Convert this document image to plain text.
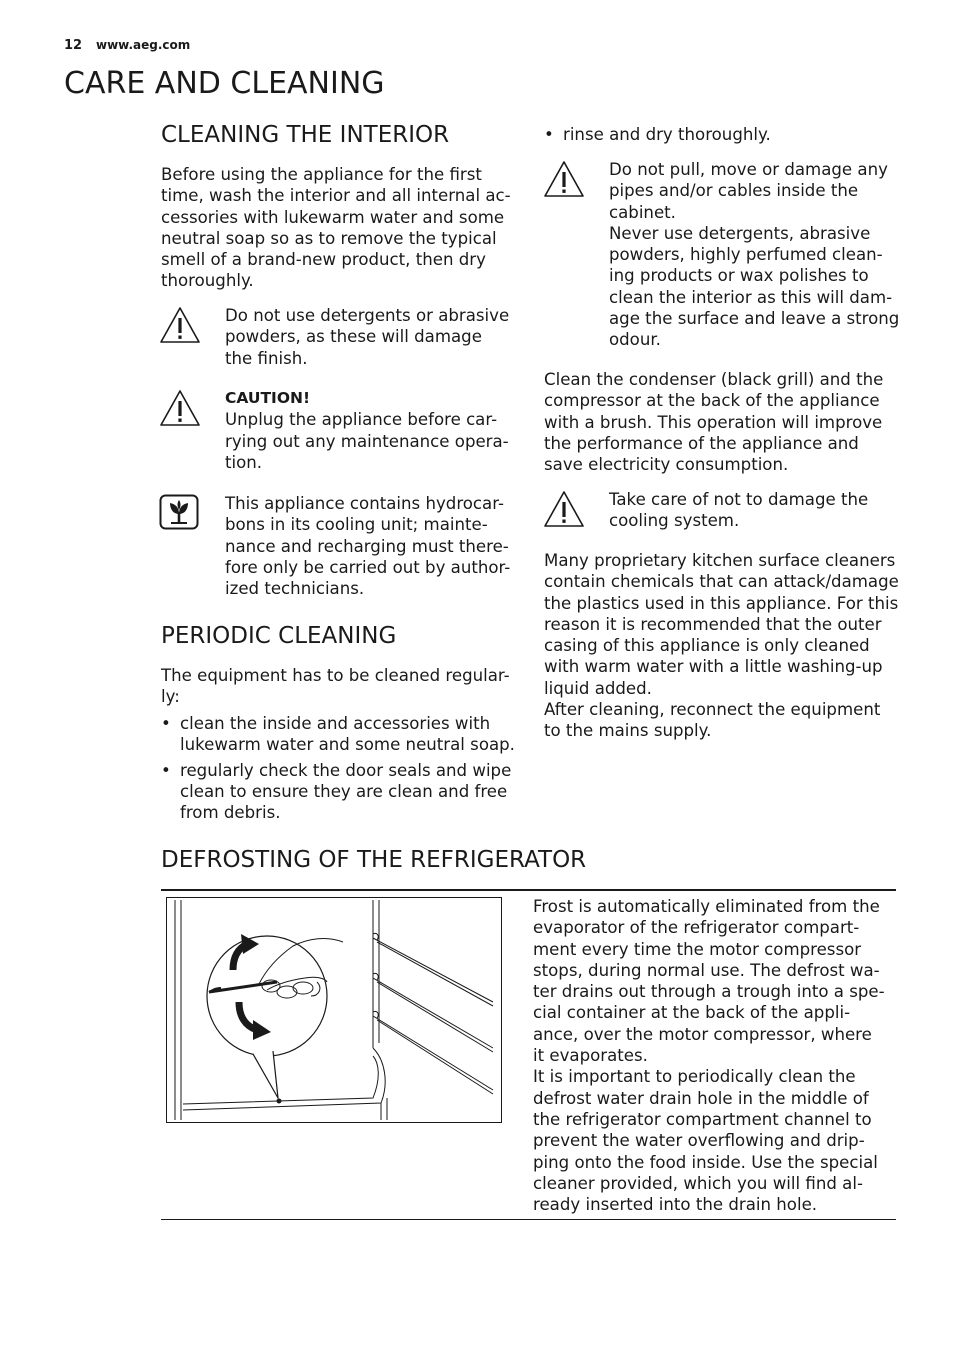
12 www.aeg.com
CARE AND CLEANING
CLEANING THE INTERIOR
Before using the appliance for the first
time, wash the interior and all internal ac-
cessories with lukewarm water and some
neutral soap so as to remove the typical
smell of a brand-new product, then dry
thoroughly.
Do not use detergents or abrasive
powders, as these will damage
the finish.
CAUTION!
Unplug the appliance before car-
rying out any maintenance opera-
tion.
This appliance contains hydrocar-
bons in its cooling unit; mainte-
nance and recharging must there-
fore only be carried out by author-
ized technicians.
PERIODIC CLEANING
The equipment has to be cleaned regular-
ly:
• clean the inside and accessories with
lukewarm water and some neutral soap.
• regularly check the door seals and wipe
clean to ensure they are clean and free
from debris.
• rinse and dry thoroughly.
Do not pull, move or damage any
pipes and/or cables inside the
cabinet.
Never use detergents, abrasive
powders, highly perfumed clean-
ing products or wax polishes to
clean the interior as this will dam-
age the surface and leave a strong
odour.
Clean the condenser (black grill) and the
compressor at the back of the appliance
with a brush. This operation will improve
the performance of the appliance and
save electricity consumption.
Take care of not to damage the
cooling system.
Many proprietary kitchen surface cleaners
contain chemicals that can attack/damage
the plastics used in this appliance. For this
reason it is recommended that the outer
casing of this appliance is only cleaned
with warm water with a little washing-up
liquid added.
After cleaning, reconnect the equipment
to the mains supply.
DEFROSTING OF THE REFRIGERATOR
Frost is automatically eliminated from the
evaporator of the refrigerator compart-
ment every time the motor compressor
stops, during normal use. The defrost wa-
ter drains out through a trough into a spe-
cial container at the back of the appli-
ance, over the motor compressor, where
it evaporates.
It is important to periodically clean the
defrost water drain hole in the middle of
the refrigerator compartment channel to
prevent the water overflowing and drip-
ping onto the food inside. Use the special
cleaner provided, which you will find al-
ready inserted into the drain hole.
